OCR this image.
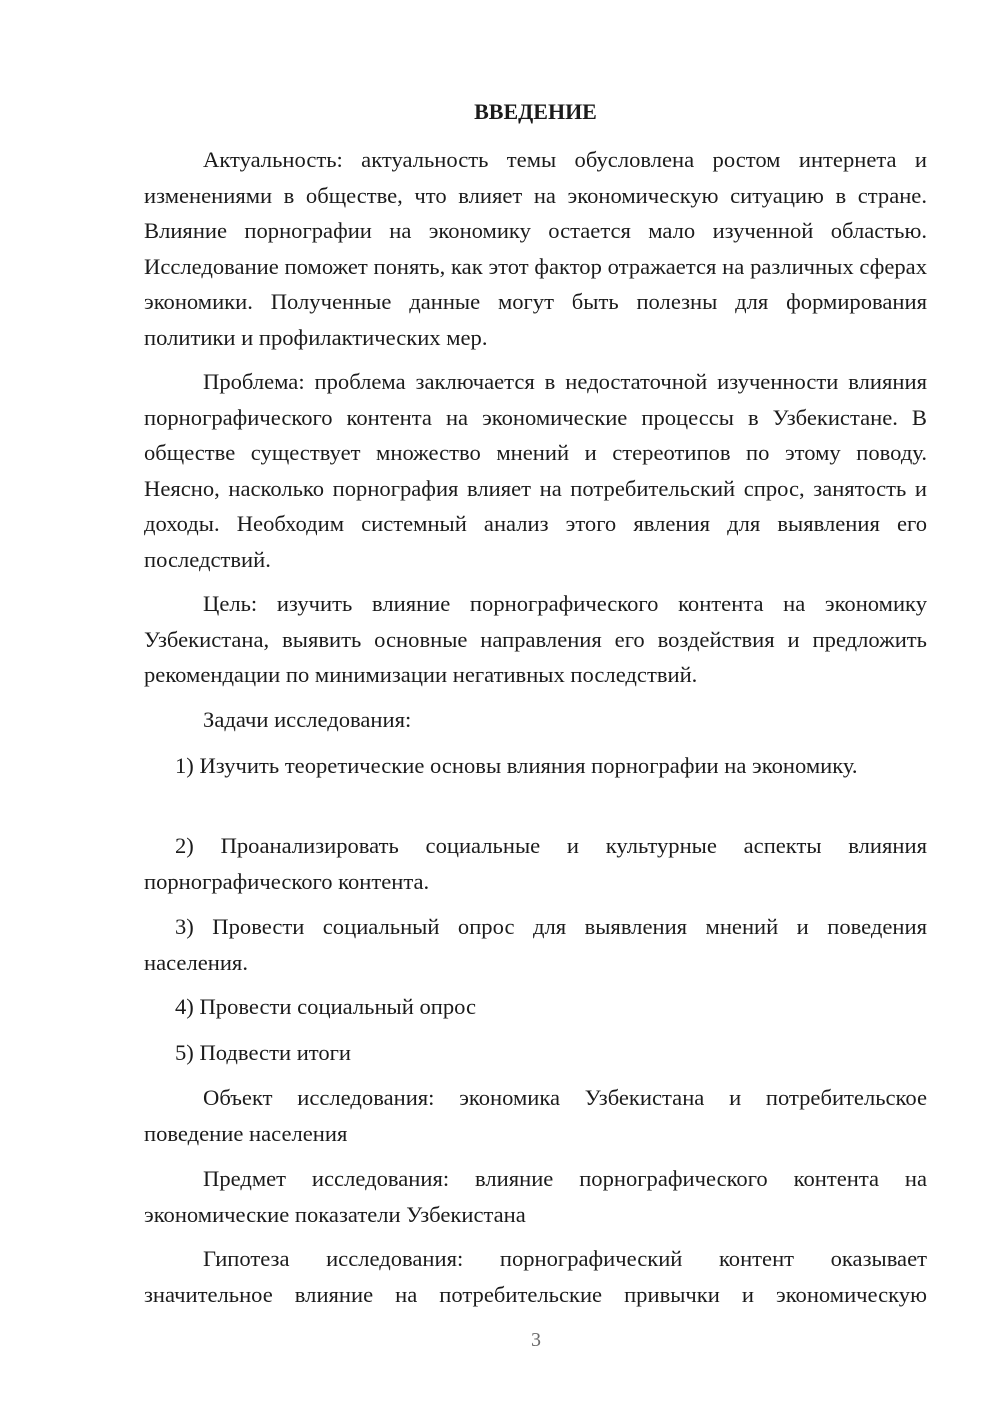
ВВЕДЕНИЕ

Актуальность: актуальность темы обусловлена ростом интернета и изменениями в обществе, что влияет на экономическую ситуацию в стране. Влияние порнографии на экономику остается мало изученной областью. Исследование поможет понять, как этот фактор отражается на различных сферах экономики. Полученные данные могут быть полезны для формирования политики и профилактических мер.

Проблема: проблема заключается в недостаточной изученности влияния порнографического контента на экономические процессы в Узбекистане. В обществе существует множество мнений и стереотипов по этому поводу. Неясно, насколько порнография влияет на потребительский спрос, занятость и доходы. Необходим системный анализ этого явления для выявления его последствий.

Цель: изучить влияние порнографического контента на экономику Узбекистана, выявить основные направления его воздействия и предложить рекомендации по минимизации негативных последствий.

Задачи исследования:

1) Изучить теоретические основы влияния порнографии на экономику.

2) Проанализировать социальные и культурные аспекты влияния порнографического контента.

3) Провести социальный опрос для выявления мнений и поведения населения.

4) Провести социальный опрос

5) Подвести итоги

Объект исследования: экономика Узбекистана и потребительское поведение населения

Предмет исследования: влияние порнографического контента на экономические показатели Узбекистана

Гипотеза исследования: порнографический контент оказывает значительное влияние на потребительские привычки и экономическую

3
